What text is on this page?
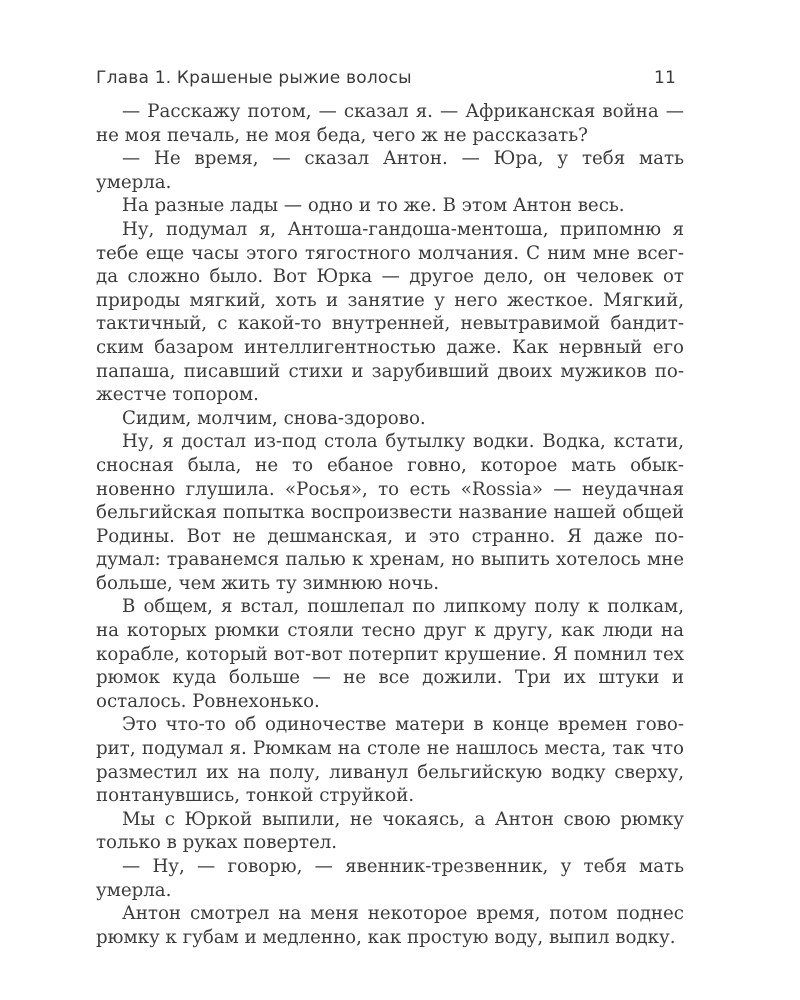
Глава 1. Крашеные рыжие волосы	11

— Расскажу потом, — сказал я. — Африканская война — не моя печаль, не моя беда, чего ж не рассказать?

— Не время, — сказал Антон. — Юра, у тебя мать умерла.

На разные лады — одно и то же. В этом Антон весь.

Ну, подумал я, Антоша-гандоша-ментоша, припомню я тебе еще часы этого тягостного молчания. С ним мне всегда сложно было. Вот Юрка — другое дело, он человек от природы мягкий, хоть и занятие у него жесткое. Мягкий, тактичный, с какой-то внутренней, невытравимой бандитским базаром интеллигентностью даже. Как нервный его папаша, писавший стихи и зарубивший двоих мужиков пожестче топором.

Сидим, молчим, снова-здорово.

Ну, я достал из-под стола бутылку водки. Водка, кстати, сносная была, не то ебаное говно, которое мать обыкновенно глушила. «Росья», то есть «Rossia» — неудачная бельгийская попытка воспроизвести название нашей общей Родины. Вот не дешманская, и это странно. Я даже подумал: траванемся палью к хренам, но выпить хотелось мне больше, чем жить ту зимнюю ночь.

В общем, я встал, пошлепал по липкому полу к полкам, на которых рюмки стояли тесно друг к другу, как люди на корабле, который вот-вот потерпит крушение. Я помнил тех рюмок куда больше — не все дожили. Три их штуки и осталось. Ровнехонько.

Это что-то об одиночестве матери в конце времен говорит, подумал я. Рюмкам на столе не нашлось места, так что разместил их на полу, ливанул бельгийскую водку сверху, понтанувшись, тонкой струйкой.

Мы с Юркой выпили, не чокаясь, а Антон свою рюмку только в руках повертел.

— Ну, — говорю, — явенник-трезвенник, у тебя мать умерла.

Антон смотрел на меня некоторое время, потом поднес рюмку к губам и медленно, как простую воду, выпил водку.
